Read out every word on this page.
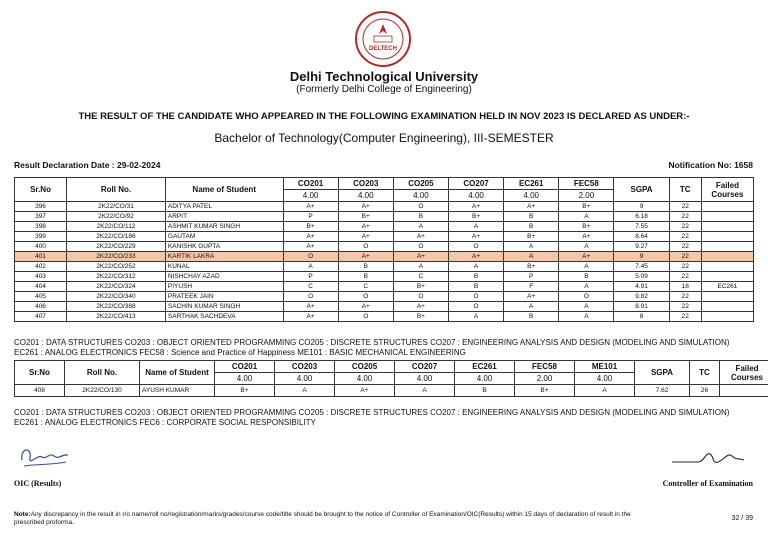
DELTECH
Delhi Technological University
(Formerly Delhi College of Engineering)
THE RESULT OF THE CANDIDATE WHO APPEARED IN THE FOLLOWING EXAMINATION HELD IN NOV 2023 IS DECLARED AS UNDER:-
Bachelor of Technology(Computer Engineering), III-SEMESTER
Result Declaration Date : 29-02-2024	Notification No: 1658
Sr.No	Roll No.	Name of Student	CO201	CO203	CO205	CO207	EC261	FEC58	SGPA	TC	Failed Courses
			4.00	4.00	4.00	4.00	4.00	2.00			
396	2K22/CO/31	ADITYA PATEL	A+	A+	O	A+	A+	B+	9	22	
397	2K22/CO/92	ARPIT	P	B+	B	B+	B	A	6.18	22	
398	2K22/CO/112	ASHMIT KUMAR SINGH	B+	A+	A	A	B	B+	7.55	22	
399	2K22/CO/186	GAUTAM	A+	A+	A+	A+	B+	A+	8.64	22	
400	2K22/CO/229	KANISHK GUPTA	A+	O	O	O	A	A	9.27	22	
401	2K22/CO/233	KARTIK LAKRA	O	A+	A+	A+	A	A+	9	22	
402	2K22/CO/252	KUNAL	A	B	A	A	B+	A	7.45	22	
403	2K22/CO/312	NISHCHAY AZAD	P	B	C	B	P	B	5.09	22	
404	2K22/CO/324	PIYUSH	C	C	B+	B	F	A	4.91	18	EC261
405	2K22/CO/340	PRATEEK JAIN	O	O	O	O	A+	O	9.82	22	
406	2K22/CO/388	SACHIN KUMAR SINGH	A+	A+	A+	O	A	A	8.91	22	
407	2K22/CO/413	SARTHAK SACHDEVA	A+	O	B+	A	B	A	8	22	
CO201 : DATA STRUCTURES CO203 : OBJECT ORIENTED PROGRAMMING CO205 : DISCRETE STRUCTURES CO207 : ENGINEERING ANALYSIS AND DESIGN (MODELING AND SIMULATION) EC261 : ANALOG ELECTRONICS FEC58 : Science and Practice of Happiness ME101 : BASIC MECHANICAL ENGINEERING
Sr.No	Roll No.	Name of Student	CO201	CO203	CO205	CO207	EC261	FEC58	ME101	SGPA	TC	Failed Courses
			4.00	4.00	4.00	4.00	4.00	2.00	4.00			
408	2K22/CO/130	AYUSH KUMAR	B+	A	A+	A	B	B+	A	7.62	26	
CO201 : DATA STRUCTURES CO203 : OBJECT ORIENTED PROGRAMMING CO205 : DISCRETE STRUCTURES CO207 : ENGINEERING ANALYSIS AND DESIGN (MODELING AND SIMULATION) EC261 : ANALOG ELECTRONICS FEC6 : CORPORATE SOCIAL RESPONSIBILITY
OIC (Results)	Controller of Examination
Note:Any discrepancy in the result in r/o name/roll no/registration/marks/grades/course code/title should be brought to the notice of Controller of Examination/OIC(Results) within 15 days of declaration of result in the prescribed proforma.
32 / 39
